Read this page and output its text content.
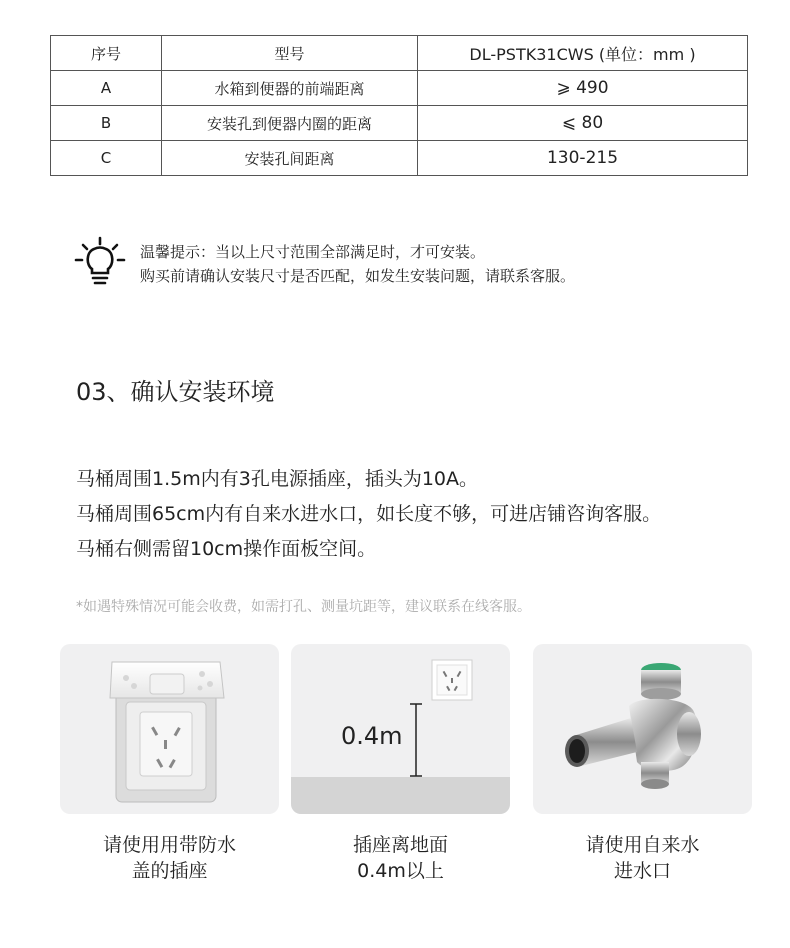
序号	型号	DL-PSTK31CWS (单位：mm )
A	水箱到便器的前端距离	⩾ 490
B	安装孔到便器内圈的距离	⩽ 80
C	安装孔间距离	130-215
温馨提示：当以上尺寸范围全部满足时，才可安装。
购买前请确认安装尺寸是否匹配，如发生安装问题，请联系客服。
03、确认安装环境
马桶周围1.5m内有3孔电源插座，插头为10A。
马桶周围65cm内有自来水进水口，如长度不够，可进店铺咨询客服。
马桶右侧需留10cm操作面板空间。
*如遇特殊情况可能会收费，如需打孔、测量坑距等，建议联系在线客服。
0.4m
请使用用带防水
盖的插座
插座离地面
0.4m以上
请使用自来水
进水口
